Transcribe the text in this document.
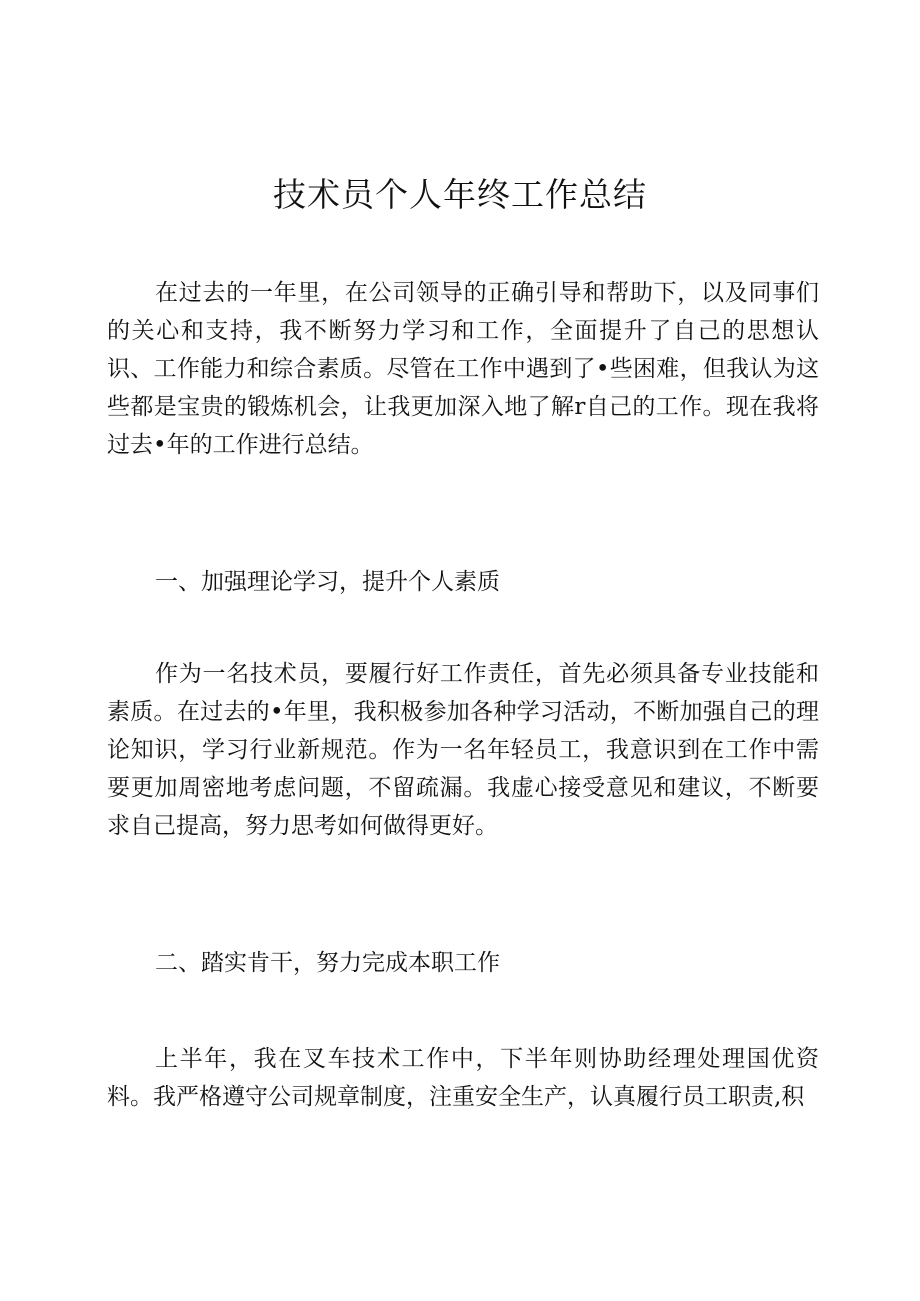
技术员个人年终工作总结

在过去的一年里，在公司领导的正确引导和帮助下，以及同事们的关心和支持，我不断努力学习和工作，全面提升了自己的思想认识、工作能力和综合素质。尽管在工作中遇到了•些困难，但我认为这些都是宝贵的锻炼机会，让我更加深入地了解r自己的工作。现在我将过去•年的工作进行总结。

一、加强理论学习，提升个人素质

作为一名技术员，要履行好工作责任，首先必须具备专业技能和素质。在过去的•年里，我积极参加各种学习活动，不断加强自己的理论知识，学习行业新规范。作为一名年轻员工，我意识到在工作中需要更加周密地考虑问题，不留疏漏。我虚心接受意见和建议，不断要求自己提高，努力思考如何做得更好。

二、踏实肯干，努力完成本职工作

上半年，我在叉车技术工作中，下半年则协助经理处理国优资料。我严格遵守公司规章制度，注重安全生产，认真履行员工职责,积
